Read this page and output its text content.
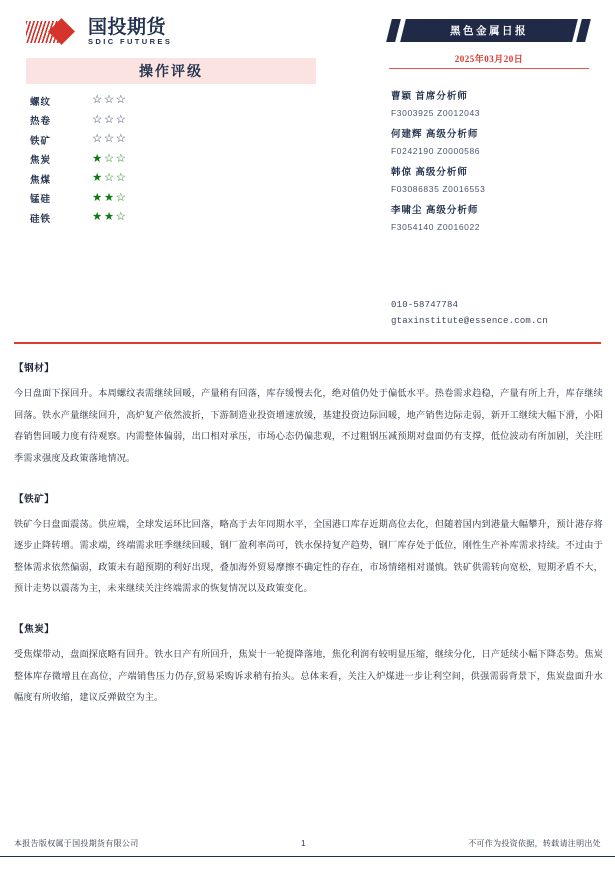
国投期货
SDIC FUTURES
操作评级
螺纹	☆☆☆
热卷	☆☆☆
铁矿	☆☆☆
焦炭	★☆☆
焦煤	★☆☆
锰硅	★★☆
硅铁	★★☆
黑色金属日报
2025年03月20日
曹颖 首席分析师
F3003925 Z0012043
何建辉 高级分析师
F0242190 Z0000586
韩倞 高级分析师
F03086835 Z0016553
李啸尘 高级分析师
F3054140 Z0016022
010-58747784
gtaxinstitute@essence.com.cn
【钢材】
今日盘面下探回升。本周螺纹表需继续回暖，产量稍有回落，库存缓慢去化，绝对值仍处于偏低水平。热卷需求趋稳，产量有所上升，库存继续回落。铁水产量继续回升，高炉复产依然波折，下游制造业投资增速放缓，基建投资边际回暖，地产销售边际走弱，新开工继续大幅下滑，小阳春销售回暖力度有待观察。内需整体偏弱，出口相对承压，市场心态仍偏悲观，不过粗钢压减预期对盘面仍有支撑，低位波动有所加剧，关注旺季需求强度及政策落地情况。
【铁矿】
铁矿今日盘面震荡。供应端，全球发运环比回落，略高于去年同期水平，全国港口库存近期高位去化，但随着国内到港量大幅攀升，预计港存将逐步止降转增。需求端，终端需求旺季继续回暖，钢厂盈利率尚可，铁水保持复产趋势，钢厂库存处于低位，刚性生产补库需求持续。不过由于整体需求依然偏弱，政策未有超预期的利好出现，叠加海外贸易摩擦不确定性的存在，市场情绪相对谨慎。铁矿供需转向宽松，短期矛盾不大，预计走势以震荡为主，未来继续关注终端需求的恢复情况以及政策变化。
【焦炭】
受焦煤带动，盘面探底略有回升。铁水日产有所回升，焦炭十一轮提降落地，焦化利润有较明显压缩，继续分化，日产延续小幅下降态势。焦炭整体库存微增且在高位，产端销售压力仍存,贸易采购诉求稍有抬头。总体来看，关注入炉煤进一步让利空间，供强需弱背景下，焦炭盘面升水幅度有所收缩，建议反弹做空为主。
本报告版权属于国投期货有限公司	1	不可作为投资依据，转载请注明出处
